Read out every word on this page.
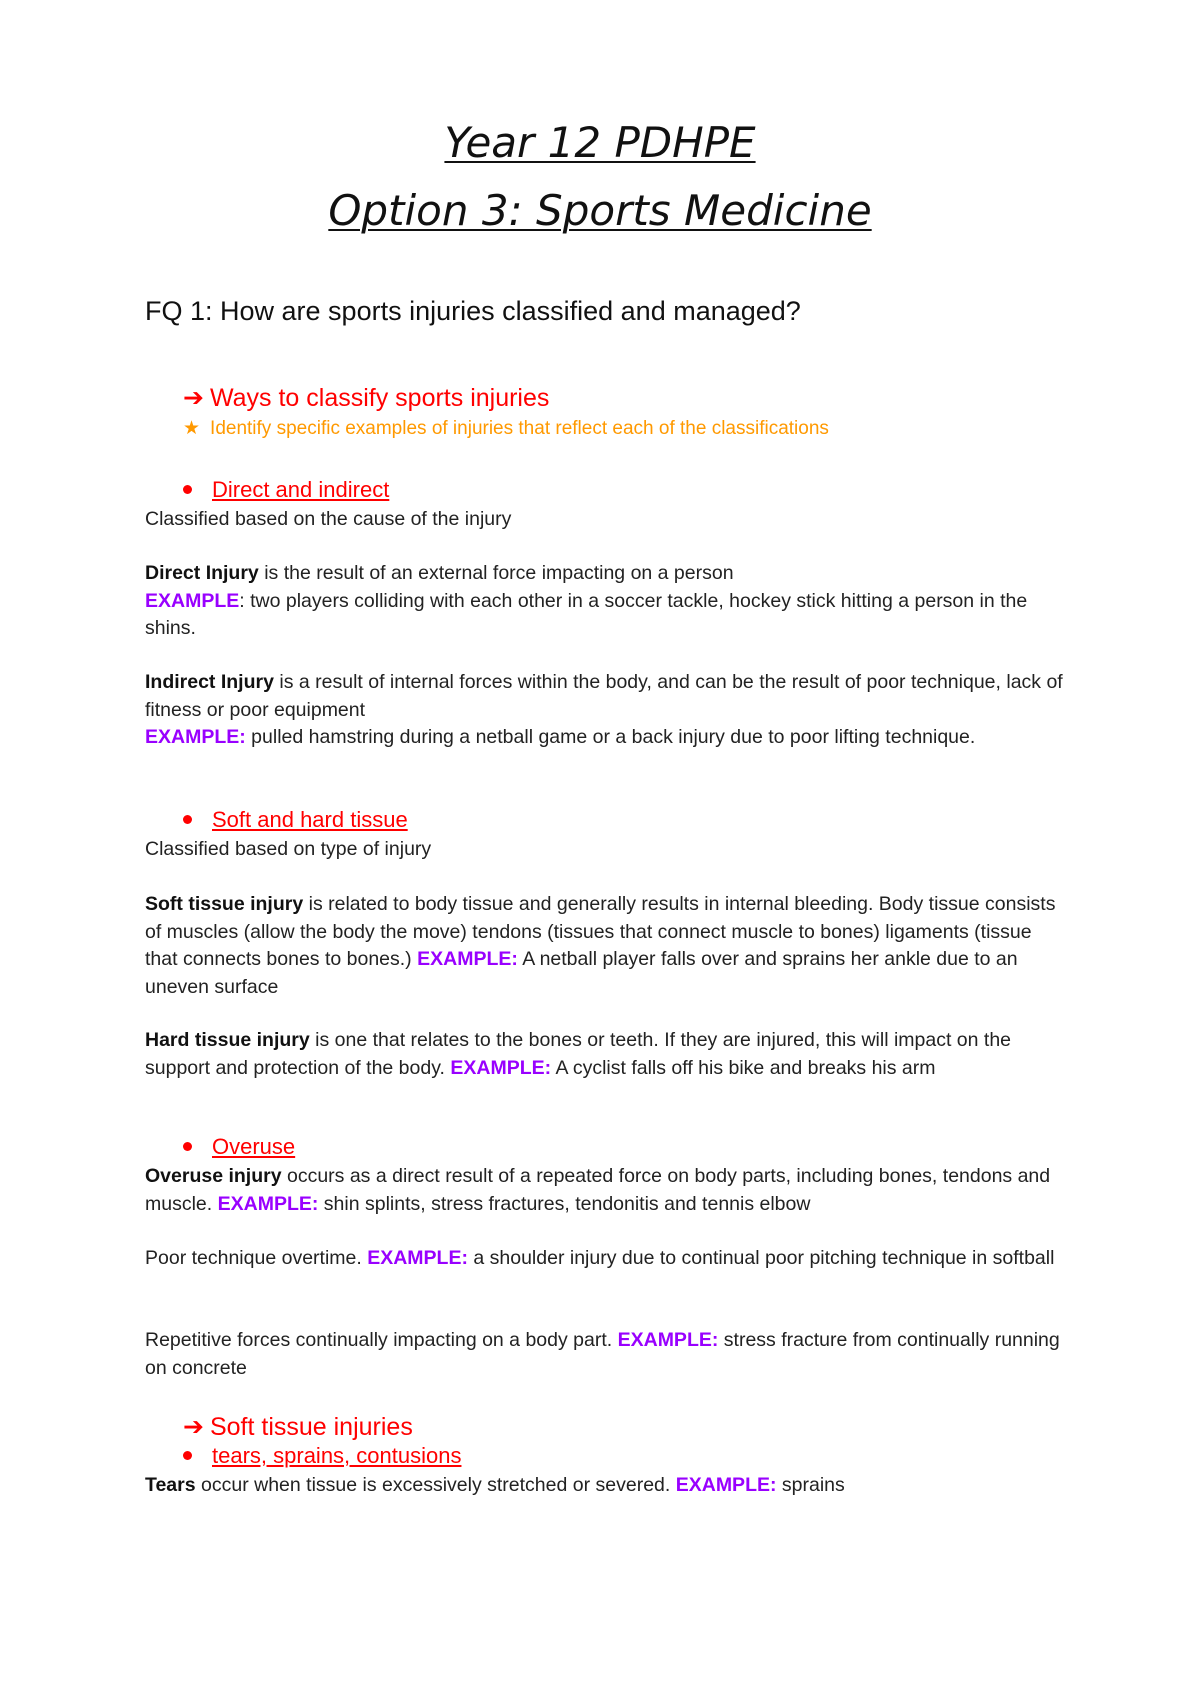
Year 12 PDHPE
Option 3: Sports Medicine
FQ 1: How are sports injuries classified and managed?
➔ Ways to classify sports injuries
★ Identify specific examples of injuries that reflect each of the classifications
Direct and indirect
Classified based on the cause of the injury
Direct Injury is the result of an external force impacting on a person
EXAMPLE: two players colliding with each other in a soccer tackle, hockey stick hitting a person in the shins.
Indirect Injury is a result of internal forces within the body, and can be the result of poor technique, lack of fitness or poor equipment
EXAMPLE: pulled hamstring during a netball game or a back injury due to poor lifting technique.
Soft and hard tissue
Classified based on type of injury
Soft tissue injury is related to body tissue and generally results in internal bleeding. Body tissue consists of muscles (allow the body the move) tendons (tissues that connect muscle to bones) ligaments (tissue that connects bones to bones.) EXAMPLE: A netball player falls over and sprains her ankle due to an uneven surface
Hard tissue injury is one that relates to the bones or teeth. If they are injured, this will impact on the support and protection of the body. EXAMPLE: A cyclist falls off his bike and breaks his arm
Overuse
Overuse injury occurs as a direct result of a repeated force on body parts, including bones, tendons and muscle. EXAMPLE: shin splints, stress fractures, tendonitis and tennis elbow
Poor technique overtime. EXAMPLE: a shoulder injury due to continual poor pitching technique in softball
Repetitive forces continually impacting on a body part. EXAMPLE: stress fracture from continually running on concrete
➔ Soft tissue injuries
tears, sprains, contusions
Tears occur when tissue is excessively stretched or severed. EXAMPLE: sprains
